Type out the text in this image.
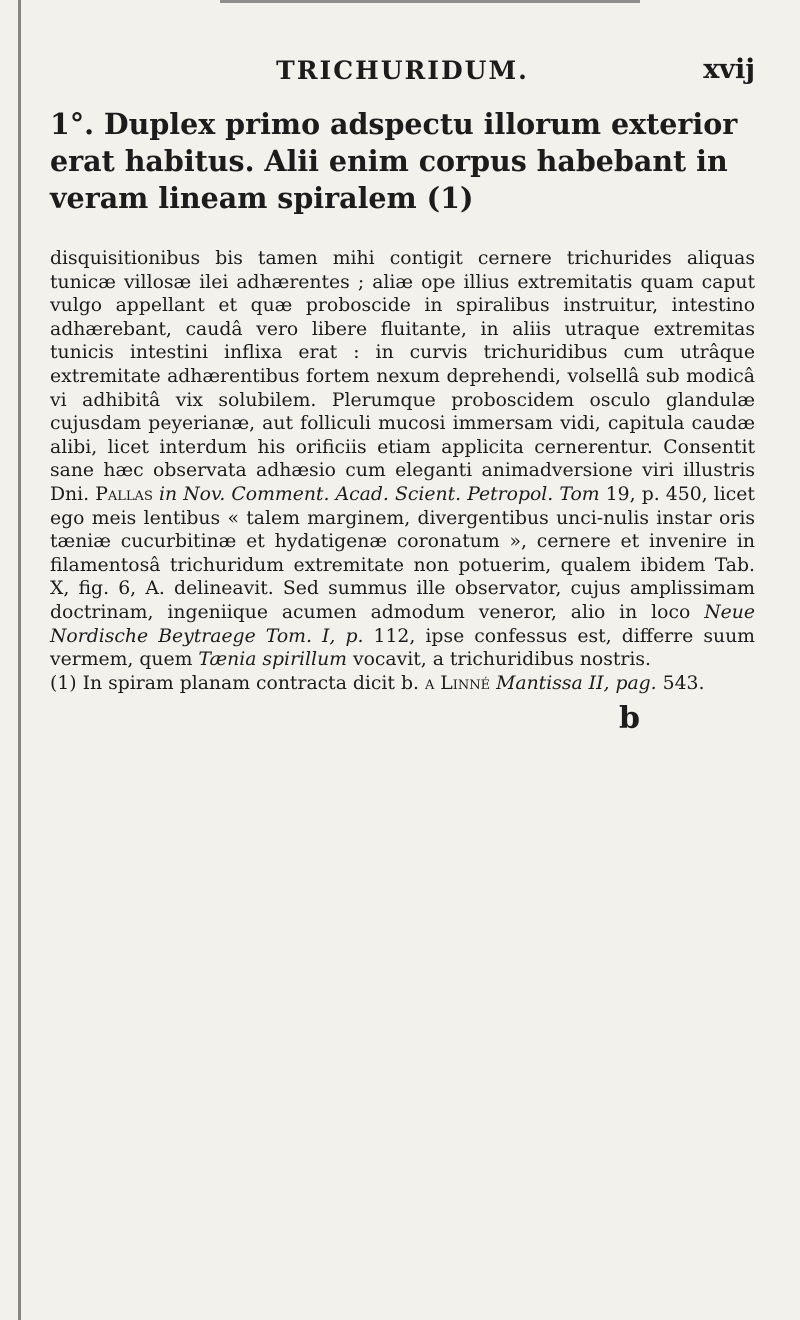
TRICHURIDUM.	xvij

1°. Duplex primo adspectu illorum exterior erat habitus. Alii enim corpus habebant in veram lineam spiralem (1)

disquisitionibus bis tamen mihi contigit cernere trichurides aliquas tunicæ villosæ ilei adhærentes ; aliæ ope illius extremitatis quam caput vulgo appellant et quæ proboscide in spiralibus instruitur, intestino adhærebant, caudâ vero libere fluitante, in aliis utraque extremitas tunicis intestini inflixa erat : in curvis trichuridibus cum utrâque extremitate adhærentibus fortem nexum deprehendi, volsellâ sub modicâ vi adhibitâ vix solubilem. Plerumque proboscidem osculo glandulæ cujusdam peyerianæ, aut folliculi mucosi immersam vidi, capitula caudæ alibi, licet interdum his orificiis etiam applicita cernerentur. Consentit sane hæc observata adhæsio cum eleganti animadversione viri illustris Dni. Pallas in Nov. Comment. Acad. Scient. Petropol. Tom 19, p. 450, licet ego meis lentibus « talem marginem, divergentibus unci-nulis instar oris tæniæ cucurbitinæ et hydatigenæ coronatum », cernere et invenire in filamentosâ trichuridum extremitate non potuerim, qualem ibidem Tab. X, fig. 6, A. delineavit. Sed summus ille observator, cujus amplissimam doctrinam, ingeniique acumen admodum veneror, alio in loco Neue Nordische Beytraege Tom. I, p. 112, ipse confessus est, differre suum vermem, quem Tænia spirillum vocavit, a trichuridibus nostris.

(1) In spiram planam contracta dicit b. a Linné Mantissa II, pag. 543.

b
